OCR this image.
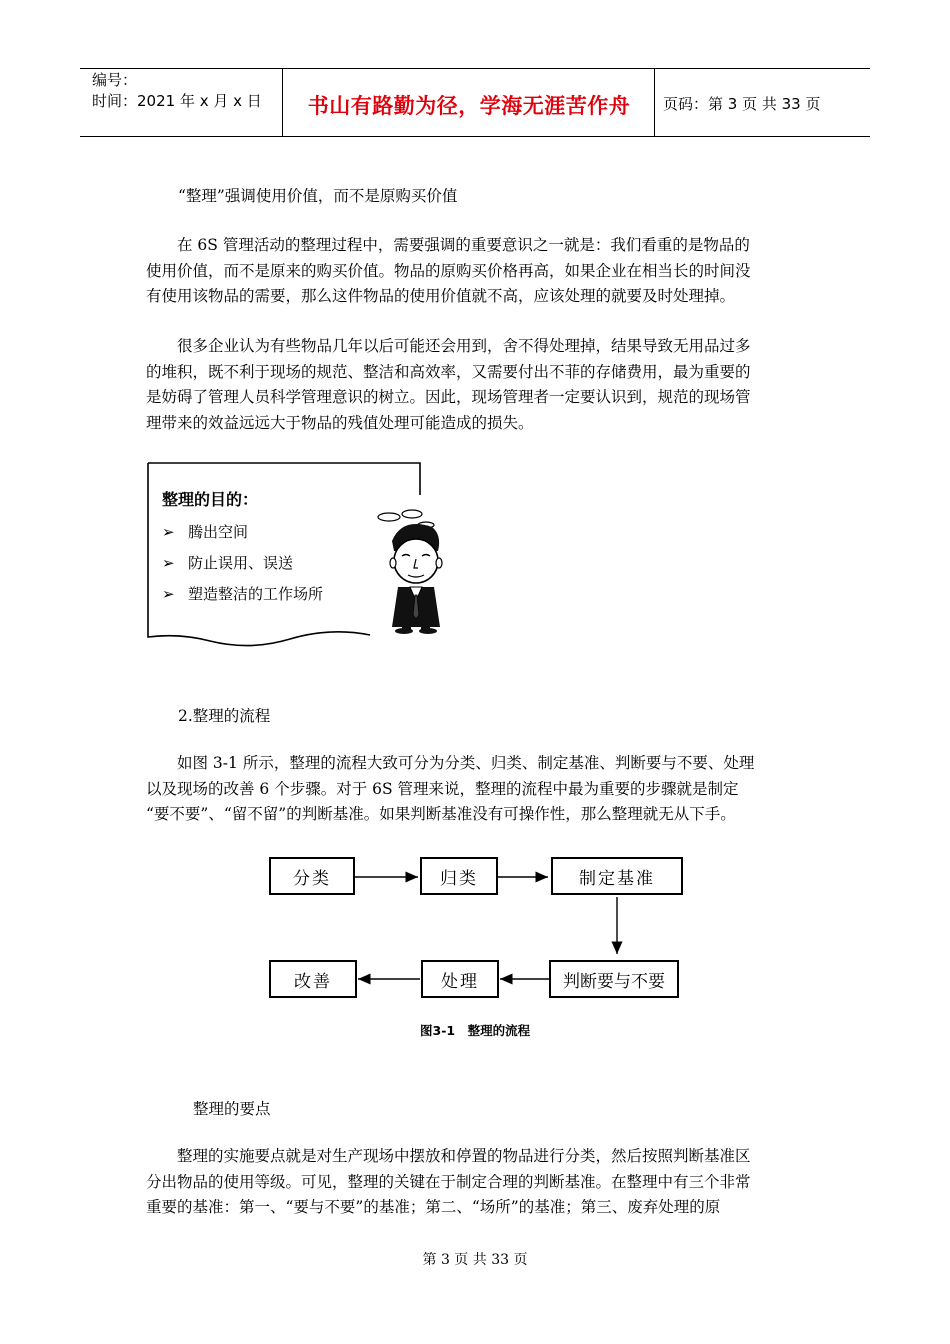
编号：
时间：2021 年 x 月 x 日	书山有路勤为径，学海无涯苦作舟	页码：第 3 页 共 33 页
“整理”强调使用价值，而不是原购买价值
在 6S 管理活动的整理过程中，需要强调的重要意识之一就是：我们看重的是物品的
使用价值，而不是原来的购买价值。物品的原购买价格再高，如果企业在相当长的时间没
有使用该物品的需要，那么这件物品的使用价值就不高，应该处理的就要及时处理掉。
很多企业认为有些物品几年以后可能还会用到，舍不得处理掉，结果导致无用品过多
的堆积，既不利于现场的规范、整洁和高效率，又需要付出不菲的存储费用，最为重要的
是妨碍了管理人员科学管理意识的树立。因此，现场管理者一定要认识到，规范的现场管
理带来的效益远远大于物品的残值处理可能造成的损失。
整理的目的：
➢ 腾出空间
➢ 防止误用、误送
➢ 塑造整洁的工作场所
2.整理的流程
如图 3-1 所示，整理的流程大致可分为分类、归类、制定基准、判断要与不要、处理
以及现场的改善 6 个步骤。对于 6S 管理来说，整理的流程中最为重要的步骤就是制定
“要不要”、“留不留”的判断基准。如果判断基准没有可操作性，那么整理就无从下手。
分类	归类	制定基准
判断要与不要
处理
改善
图3-1　整理的流程
整理的要点
整理的实施要点就是对生产现场中摆放和停置的物品进行分类，然后按照判断基准区
分出物品的使用等级。可见，整理的关键在于制定合理的判断基准。在整理中有三个非常
重要的基准：第一、“要与不要”的基准；第二、“场所”的基准；第三、废弃处理的原
第 3 页 共 33 页
